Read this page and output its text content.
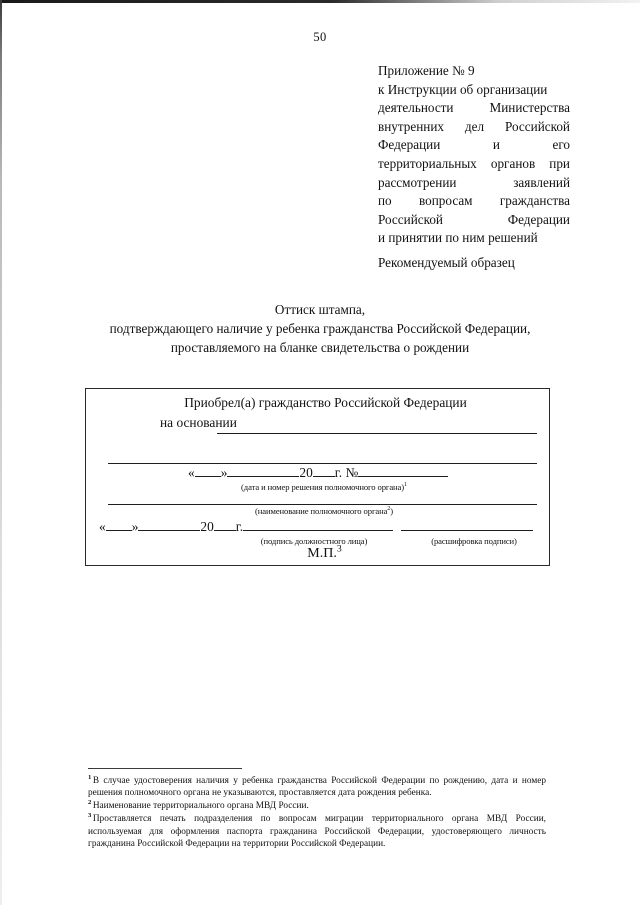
50
Приложение № 9
к Инструкции об организации
деятельности Министерства
внутренних дел Российской
Федерации и его
территориальных органов при
рассмотрении заявлений
по вопросам гражданства
Российской Федерации
и принятии по ним решений
Рекомендуемый образец
Оттиск штампа,
подтверждающего наличие у ребенка гражданства Российской Федерации,
проставляемого на бланке свидетельства о рождении
Приобрел(а) гражданство Российской Федерации
на основании
« »	20 г. №
(дата и номер решения полномочного органа)$^1$
(наименование полномочного органа$^2$)
« »	20 г.
(подпись должностного лица)	(расшифровка подписи)
М.П.$^3$

$^1$ В случае удостоверения наличия у ребенка гражданства Российской Федерации по рождению, дата и номер решения полномочного органа не указываются, проставляется дата рождения ребенка.

$^2$ Наименование территориального органа МВД России.

$^3$ Проставляется печать подразделения по вопросам миграции территориального органа МВД России, используемая для оформления паспорта гражданина Российской Федерации, удостоверяющего личность гражданина Российской Федерации на территории Российской Федерации.
